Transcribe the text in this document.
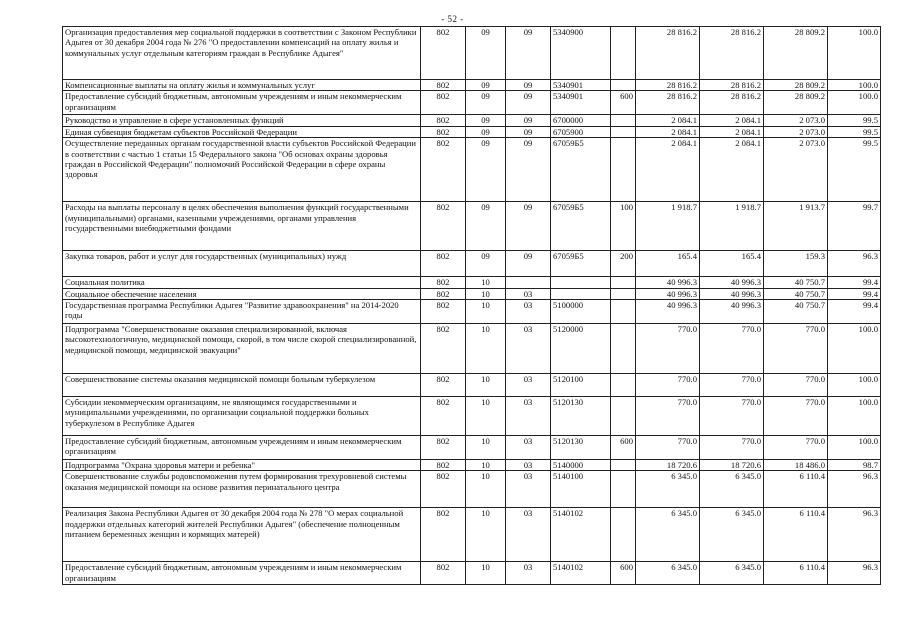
- 52 -
Организация предоставления мер социальной поддержки в соответствии с Законом Республики Адыгея от 30 декабря 2004 года № 276 "О предоставлении компенсаций на оплату жилья и коммунальных услуг отдельным категориям граждан в Республике Адыгея"	802	09	09	5340900		28 816.2	28 816.2	28 809.2	100.0
Компенсационные выплаты на оплату жилья и коммунальных услуг	802	09	09	5340901		28 816.2	28 816.2	28 809.2	100.0
Предоставление субсидий бюджетным, автономным учреждениям и иным некоммерческим организациям	802	09	09	5340901	600	28 816.2	28 816.2	28 809.2	100.0
Руководство и управление в сфере установленных функций	802	09	09	6700000		2 084.1	2 084.1	2 073.0	99.5
Единая субвенция бюджетам субъектов Российской Федерации	802	09	09	6705900		2 084.1	2 084.1	2 073.0	99.5
Осуществление переданных органам государственной власти субъектов Российской Федерации в соответствии с частью 1 статьи 15 Федерального закона "Об основах охраны здоровья граждан в Российской Федерации" полномочий Российской Федерации в сфере охраны здоровья	802	09	09	67059Б5		2 084.1	2 084.1	2 073.0	99.5
Расходы на выплаты персоналу в целях обеспечения выполнения функций государственными (муниципальными) органами, казенными учреждениями, органами управления государственными внебюджетными фондами	802	09	09	67059Б5	100	1 918.7	1 918.7	1 913.7	99.7
Закупка товаров, работ и услуг для государственных (муниципальных) нужд	802	09	09	67059Б5	200	165.4	165.4	159.3	96.3
Социальная политика	802	10				40 996.3	40 996.3	40 750.7	99.4
Социальное обеспечение населения	802	10	03			40 996.3	40 996.3	40 750.7	99.4
Государственная программа Республики Адыгея "Развитие здравоохранения" на 2014-2020 годы	802	10	03	5100000		40 996.3	40 996.3	40 750.7	99.4
Подпрограмма "Совершенствование оказания специализированной, включая высокотехнологичную, медицинской помощи, скорой, в том числе скорой специализированной, медицинской помощи, медицинской эвакуации"	802	10	03	5120000		770.0	770.0	770.0	100.0
Совершенствование системы оказания медицинской помощи больным туберкулезом	802	10	03	5120100		770.0	770.0	770.0	100.0
Субсидии некоммерческим организациям, не являющимся государственными и муниципальными учреждениями, по организации социальной поддержки больных туберкулезом в Республике Адыгея	802	10	03	5120130		770.0	770.0	770.0	100.0
Предоставление субсидий бюджетным, автономным учреждениям и иным некоммерческим организациям	802	10	03	5120130	600	770.0	770.0	770.0	100.0
Подпрограмма "Охрана здоровья матери и ребенка"	802	10	03	5140000		18 720.6	18 720.6	18 486.0	98.7
Совершенствование службы родовспоможения путем формирования трехуровневой системы оказания медицинской помощи на основе развития перинатального центра	802	10	03	5140100		6 345.0	6 345.0	6 110.4	96.3
Реализация Закона Республики Адыгея от 30 декабря 2004 года № 278 "О мерах социальной поддержки отдельных категорий жителей Республики Адыгея" (обеспечение полноценным питанием беременных женщин и кормящих матерей)	802	10	03	5140102		6 345.0	6 345.0	6 110.4	96.3
Предоставление субсидий бюджетным, автономным учреждениям и иным некоммерческим организациям	802	10	03	5140102	600	6 345.0	6 345.0	6 110.4	96.3
